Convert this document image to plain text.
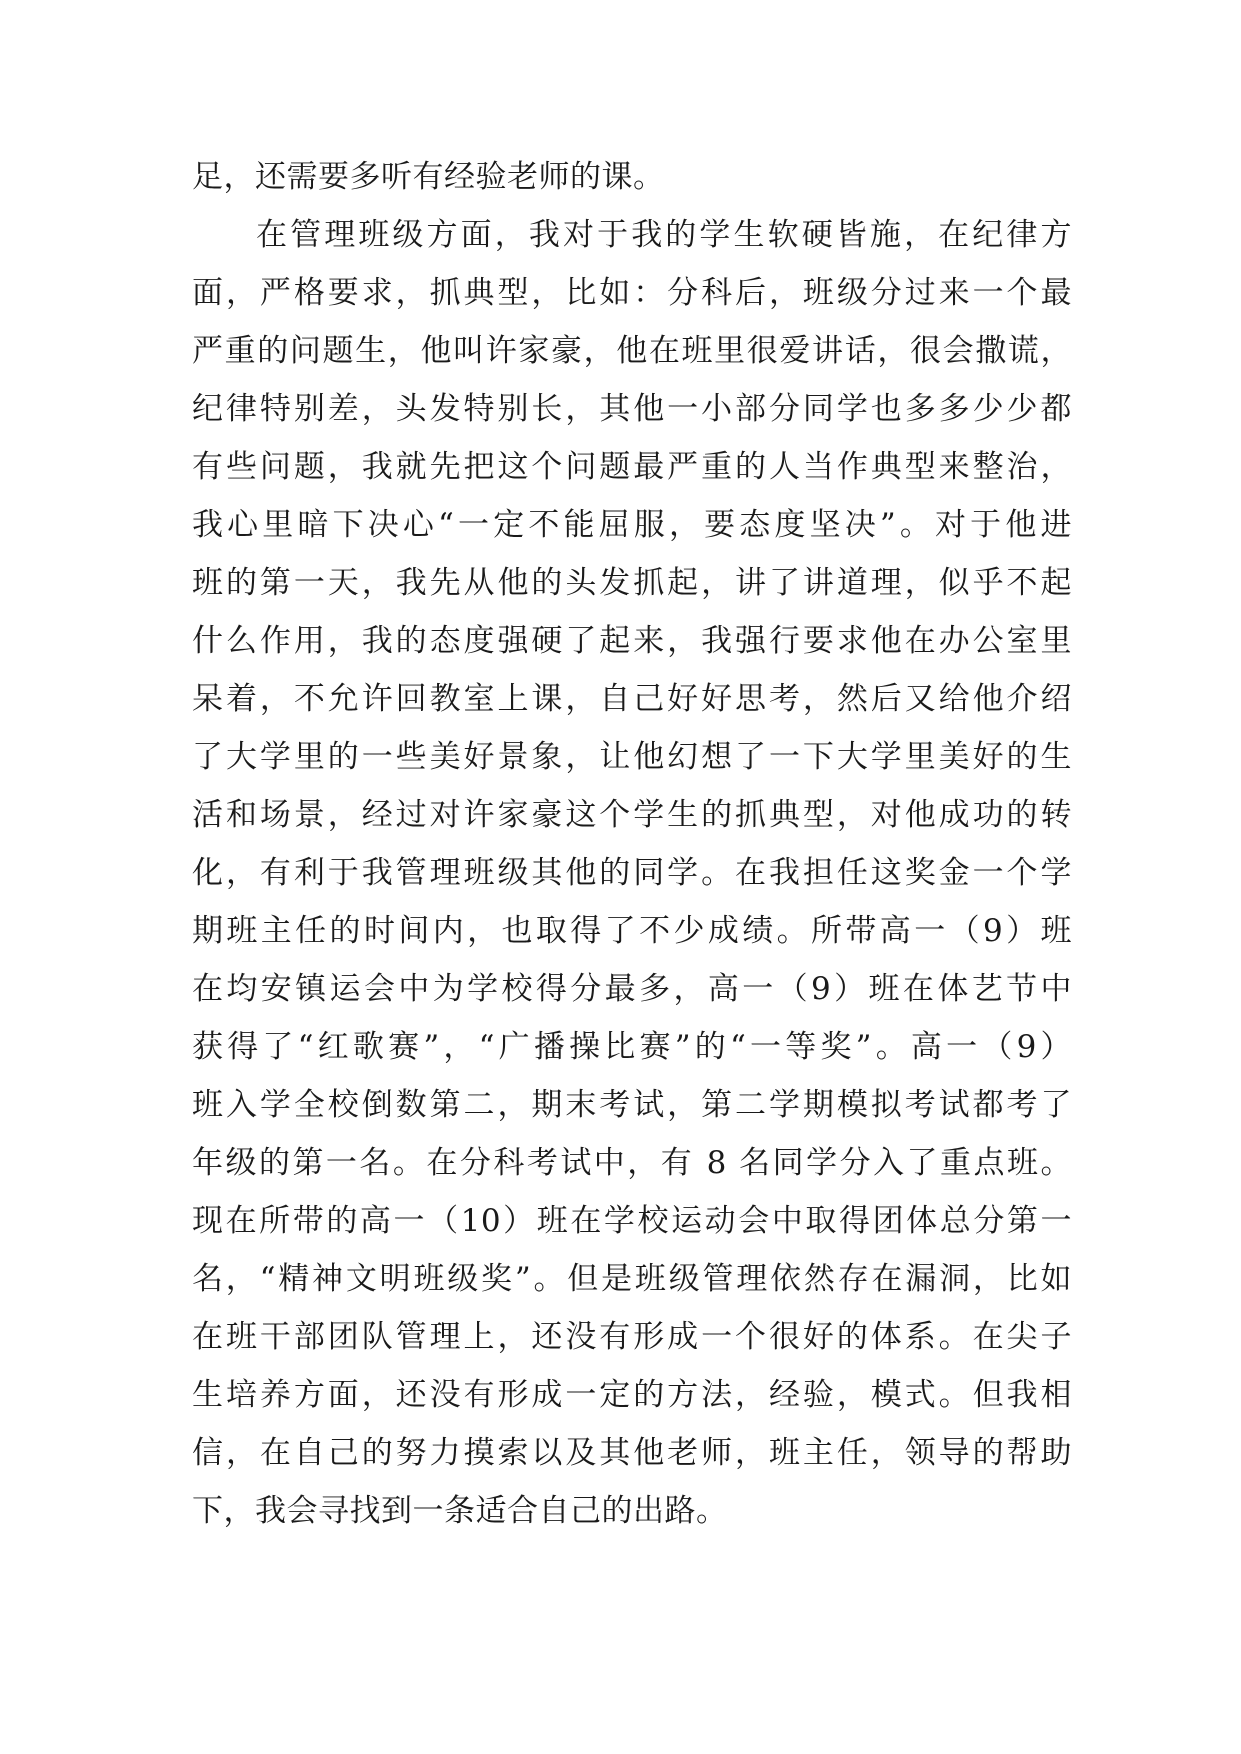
足，还需要多听有经验老师的课。
在管理班级方面，我对于我的学生软硬皆施，在纪律方
面，严格要求，抓典型，比如：分科后，班级分过来一个最
严重的问题生，他叫许家豪，他在班里很爱讲话，很会撒谎，
纪律特别差，头发特别长，其他一小部分同学也多多少少都
有些问题，我就先把这个问题最严重的人当作典型来整治，
我心里暗下决心“一定不能屈服，要态度坚决”。对于他进
班的第一天，我先从他的头发抓起，讲了讲道理，似乎不起
什么作用，我的态度强硬了起来，我强行要求他在办公室里
呆着，不允许回教室上课，自己好好思考，然后又给他介绍
了大学里的一些美好景象，让他幻想了一下大学里美好的生
活和场景，经过对许家豪这个学生的抓典型，对他成功的转
化，有利于我管理班级其他的同学。在我担任这奖金一个学
期班主任的时间内，也取得了不少成绩。所带高一（9）班
在均安镇运会中为学校得分最多，高一（9）班在体艺节中
获得了“红歌赛”，“广播操比赛”的“一等奖”。高一（9）
班入学全校倒数第二，期末考试，第二学期模拟考试都考了
年级的第一名。在分科考试中，有 8 名同学分入了重点班。
现在所带的高一（10）班在学校运动会中取得团体总分第一
名，“精神文明班级奖”。但是班级管理依然存在漏洞，比如
在班干部团队管理上，还没有形成一个很好的体系。在尖子
生培养方面，还没有形成一定的方法，经验，模式。但我相
信，在自己的努力摸索以及其他老师，班主任，领导的帮助
下，我会寻找到一条适合自己的出路。
